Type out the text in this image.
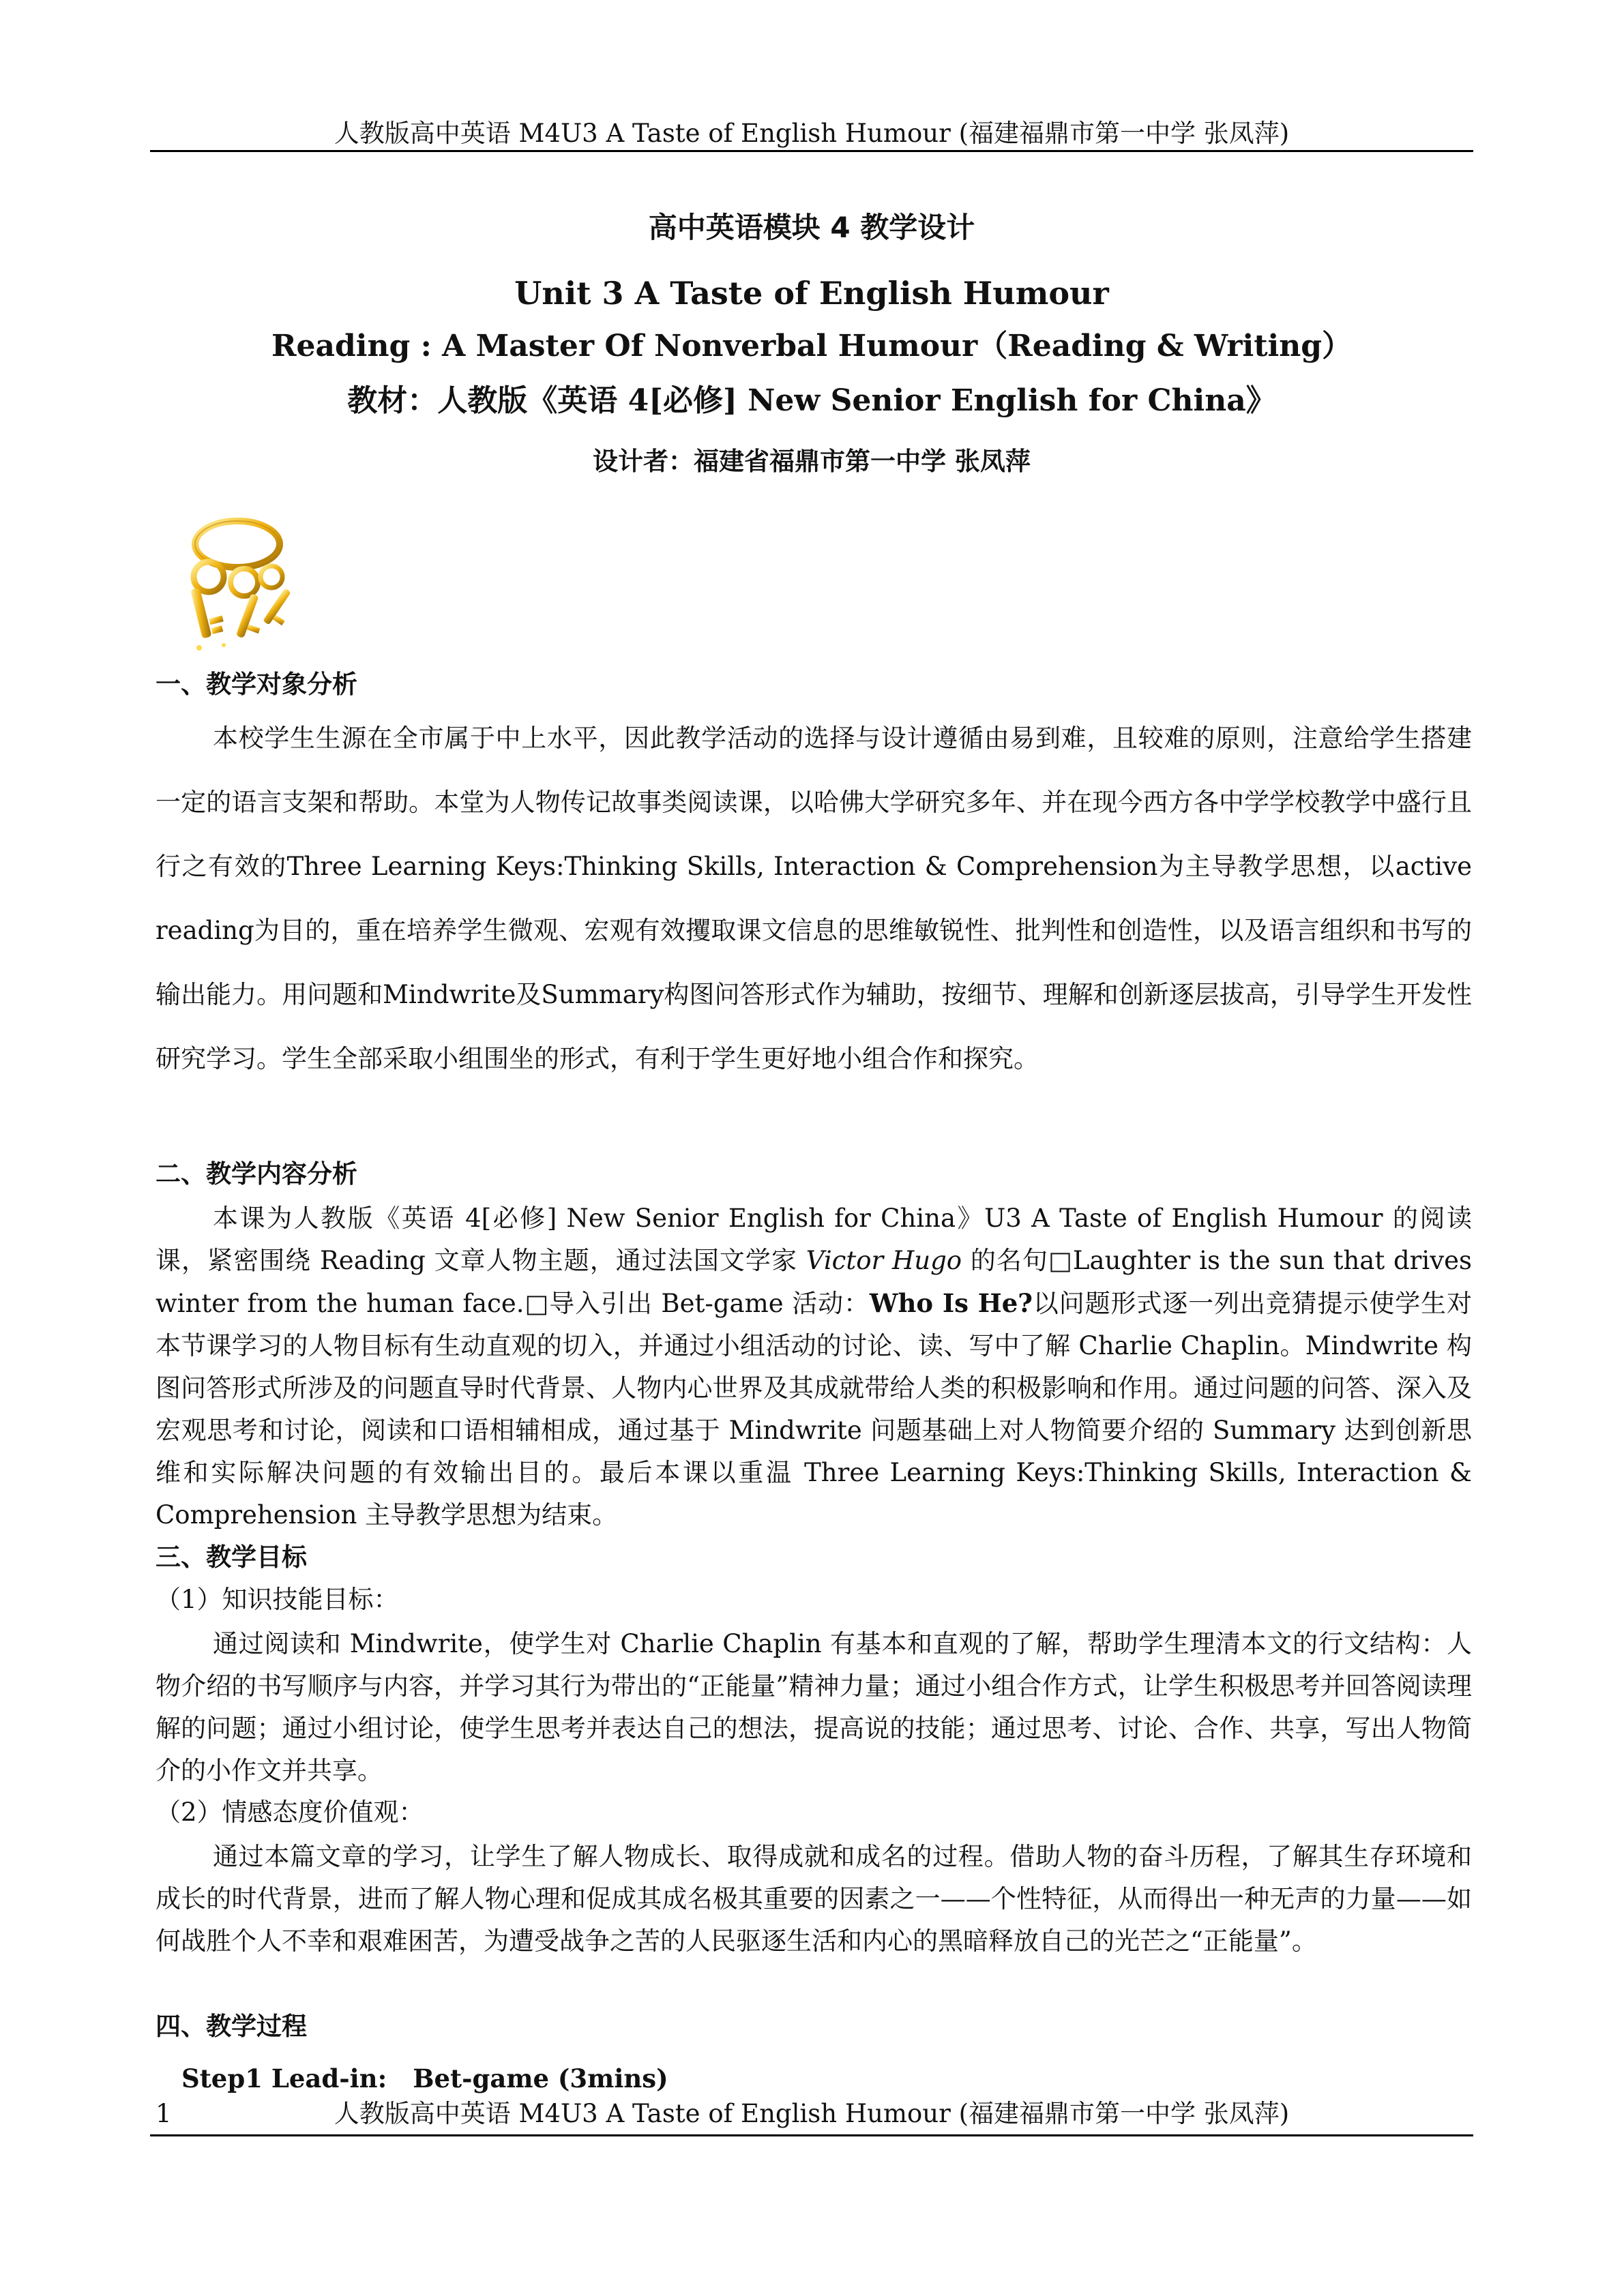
人教版高中英语 M4U3 A Taste of English Humour (福建福鼎市第一中学 张凤萍)
高中英语模块 4 教学设计
Unit 3 A Taste of English Humour
Reading : A Master Of Nonverbal Humour（Reading & Writing）
教材：人教版《英语 4[必修] New Senior English for China》
设计者：福建省福鼎市第一中学 张凤萍
一、教学对象分析

本校学生生源在全市属于中上水平，因此教学活动的选择与设计遵循由易到难，且较难的原则，注意给学生搭建一定的语言支架和帮助。本堂为人物传记故事类阅读课，以哈佛大学研究多年、并在现今西方各中学学校教学中盛行且行之有效的Three Learning Keys:Thinking Skills, Interaction & Comprehension为主导教学思想，以active reading为目的，重在培养学生微观、宏观有效攫取课文信息的思维敏锐性、批判性和创造性，以及语言组织和书写的输出能力。用问题和Mindwrite及Summary构图问答形式作为辅助，按细节、理解和创新逐层拔高，引导学生开发性研究学习。学生全部采取小组围坐的形式，有利于学生更好地小组合作和探究。

二、教学内容分析

本课为人教版《英语 4[必修] New Senior English for China》U3 A Taste of English Humour 的阅读课，紧密围绕 Reading 文章人物主题，通过法国文学家 Victor Hugo 的名句□Laughter is the sun that drives winter from the human face.□导入引出 Bet-game 活动：Who Is He?以问题形式逐一列出竞猜提示使学生对本节课学习的人物目标有生动直观的切入，并通过小组活动的讨论、读、写中了解 Charlie Chaplin。Mindwrite 构图问答形式所涉及的问题直导时代背景、人物内心世界及其成就带给人类的积极影响和作用。通过问题的问答、深入及宏观思考和讨论，阅读和口语相辅相成，通过基于 Mindwrite 问题基础上对人物简要介绍的 Summary 达到创新思维和实际解决问题的有效输出目的。最后本课以重温 Three Learning Keys:Thinking Skills, Interaction & Comprehension 主导教学思想为结束。

三、教学目标
（1）知识技能目标：

通过阅读和 Mindwrite，使学生对 Charlie Chaplin 有基本和直观的了解，帮助学生理清本文的行文结构：人物介绍的书写顺序与内容，并学习其行为带出的“正能量”精神力量；通过小组合作方式，让学生积极思考并回答阅读理解的问题；通过小组讨论，使学生思考并表达自己的想法，提高说的技能；通过思考、讨论、合作、共享，写出人物简介的小作文并共享。

（2）情感态度价值观：

通过本篇文章的学习，让学生了解人物成长、取得成就和成名的过程。借助人物的奋斗历程，了解其生存环境和成长的时代背景，进而了解人物心理和促成其成名极其重要的因素之一——个性特征，从而得出一种无声的力量——如何战胜个人不幸和艰难困苦，为遭受战争之苦的人民驱逐生活和内心的黑暗释放自己的光芒之“正能量”。

四、教学过程
Step1 Lead-in: Bet-game (3mins)
1	人教版高中英语 M4U3 A Taste of English Humour (福建福鼎市第一中学 张凤萍)
